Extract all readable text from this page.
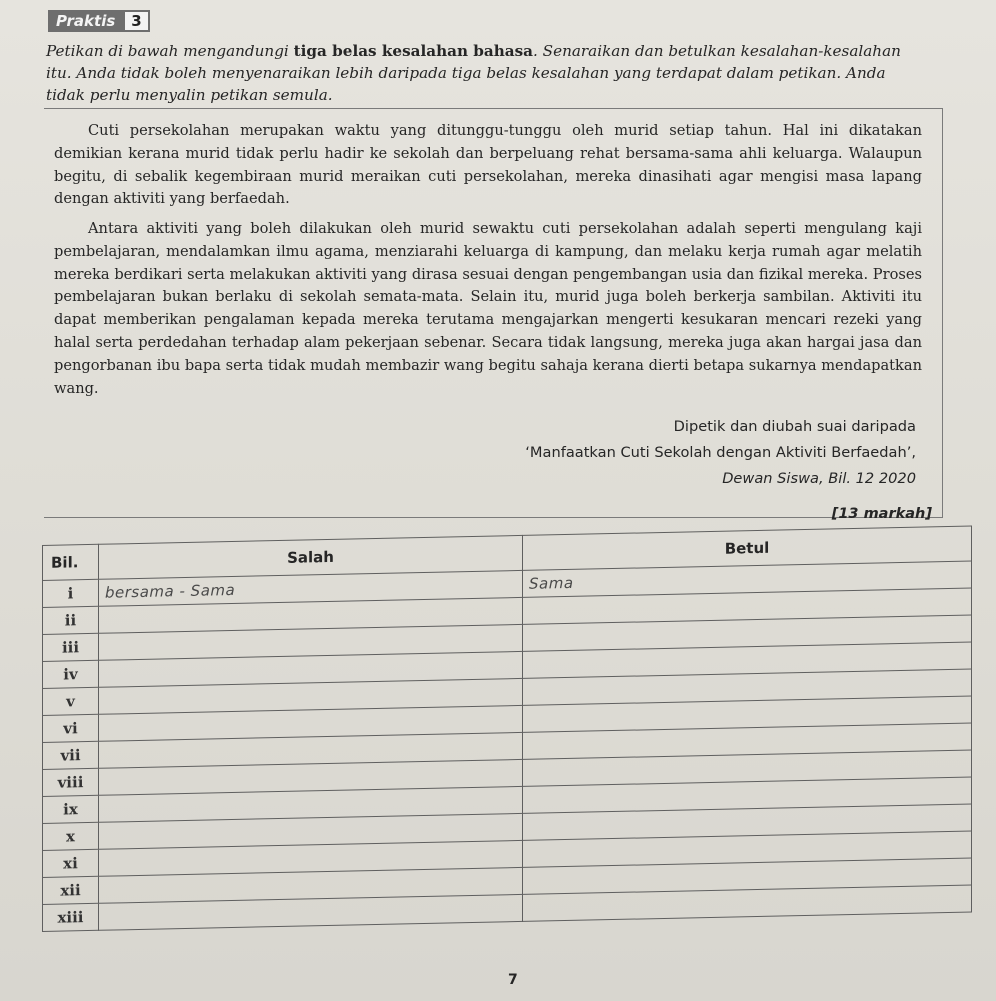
Praktis	3
Petikan di bawah mengandungi tiga belas kesalahan bahasa. Senaraikan dan betulkan kesalahan-kesalahan itu. Anda tidak boleh menyenaraikan lebih daripada tiga belas kesalahan yang terdapat dalam petikan. Anda tidak perlu menyalin petikan semula.
Cuti persekolahan merupakan waktu yang ditunggu-tunggu oleh murid setiap tahun. Hal ini dikatakan demikian kerana murid tidak perlu hadir ke sekolah dan berpeluang rehat bersama-sama ahli keluarga. Walaupun begitu, di sebalik kegembiraan murid meraikan cuti persekolahan, mereka dinasihati agar mengisi masa lapang dengan aktiviti yang berfaedah.
Antara aktiviti yang boleh dilakukan oleh murid sewaktu cuti persekolahan adalah seperti mengulang kaji pembelajaran, mendalamkan ilmu agama, menziarahi keluarga di kampung, dan melaku kerja rumah agar melatih mereka berdikari serta melakukan aktiviti yang dirasa sesuai dengan pengembangan usia dan fizikal mereka. Proses pembelajaran bukan berlaku di sekolah semata-mata. Selain itu, murid juga boleh berkerja sambilan. Aktiviti itu dapat memberikan pengalaman kepada mereka terutama mengajarkan mengerti kesukaran mencari rezeki yang halal serta perdedahan terhadap alam pekerjaan sebenar. Secara tidak langsung, mereka juga akan hargai jasa dan pengorbanan ibu bapa serta tidak mudah membazir wang begitu sahaja kerana dierti betapa sukarnya mendapatkan wang.
Dipetik dan diubah suai daripada
‘Manfaatkan Cuti Sekolah dengan Aktiviti Berfaedah’,
Dewan Siswa, Bil. 12 2020
[13 markah]
Bil.	Salah	Betul
i	bersama - Sama	Sama
ii		
iii		
iv		
v		
vi		
vii		
viii		
ix		
x		
xi		
xii		
xiii		
7
